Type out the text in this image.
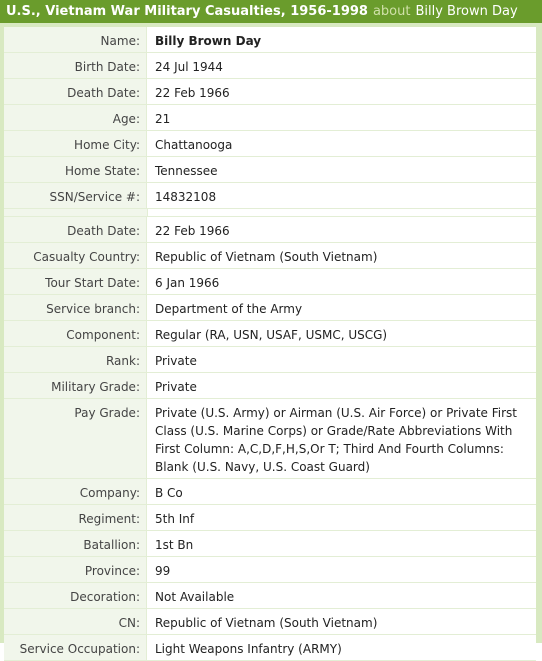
U.S., Vietnam War Military Casualties, 1956-1998 about Billy Brown Day
Name:	Billy Brown Day
Birth Date:	24 Jul 1944
Death Date:	22 Feb 1966
Age:	21
Home City:	Chattanooga
Home State:	Tennessee
SSN/Service #:	14832108
Death Date:	22 Feb 1966
Casualty Country:	Republic of Vietnam (South Vietnam)
Tour Start Date:	6 Jan 1966
Service branch:	Department of the Army
Component:	Regular (RA, USN, USAF, USMC, USCG)
Rank:	Private
Military Grade:	Private
Pay Grade:	Private (U.S. Army) or Airman (U.S. Air Force) or Private First Class (U.S. Marine Corps) or Grade/Rate Abbreviations With First Column: A,C,D,F,H,S,Or T; Third And Fourth Columns: Blank (U.S. Navy, U.S. Coast Guard)
Company:	B Co
Regiment:	5th Inf
Batallion:	1st Bn
Province:	99
Decoration:	Not Available
CN:	Republic of Vietnam (South Vietnam)
Service Occupation:	Light Weapons Infantry (ARMY)
